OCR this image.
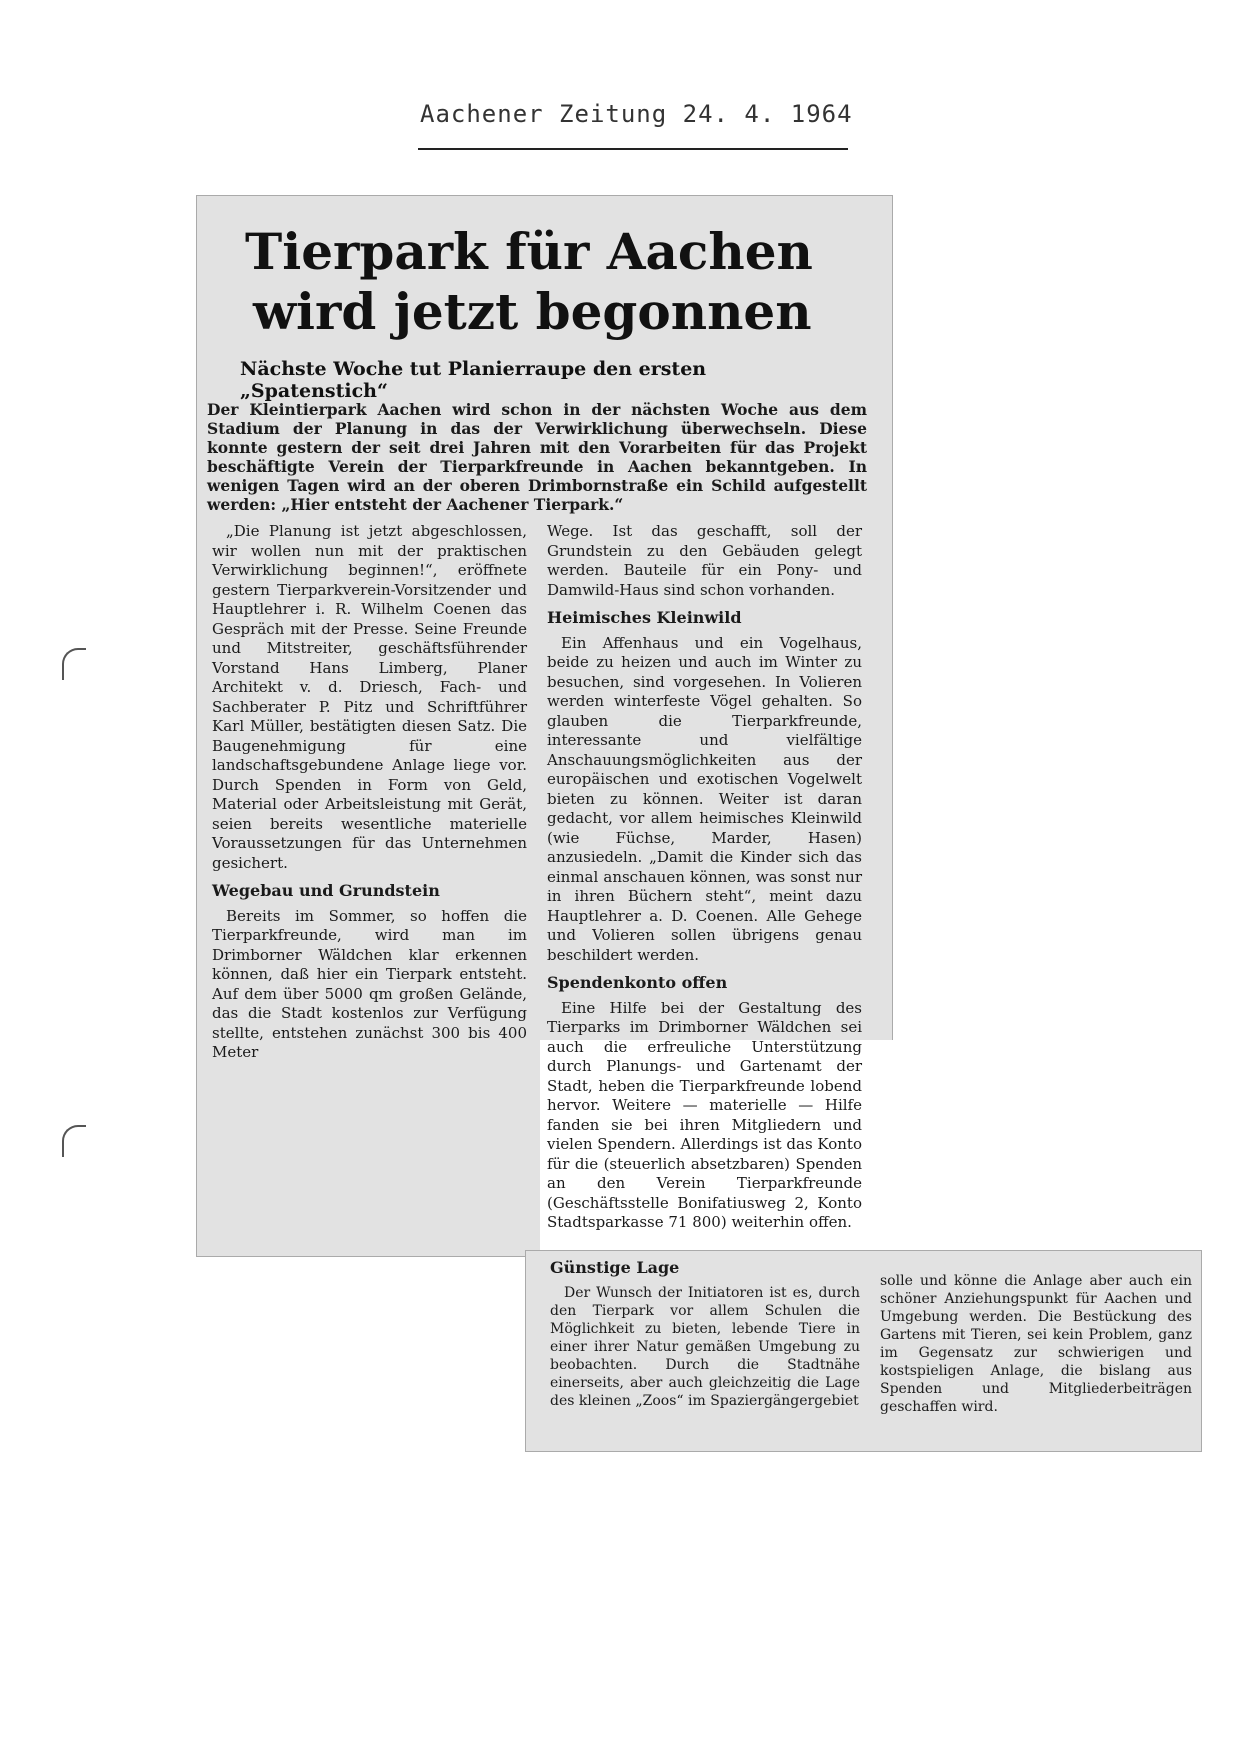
Aachener Zeitung 24. 4. 1964
Tierpark für Aachen
wird jetzt begonnen
Nächste Woche tut Planierraupe den ersten „Spatenstich“
Der Kleintierpark Aachen wird schon in der nächsten Woche aus dem Stadium der Planung in das der Verwirklichung überwechseln. Diese konnte gestern der seit drei Jahren mit den Vorarbeiten für das Projekt beschäftigte Verein der Tierparkfreunde in Aachen bekanntgeben. In wenigen Tagen wird an der oberen Drimbornstraße ein Schild aufgestellt werden: „Hier entsteht der Aachener Tierpark.“

„Die Planung ist jetzt abgeschlossen, wir wollen nun mit der praktischen Verwirklichung beginnen!“, eröffnete gestern Tierparkverein-Vorsitzender und Hauptlehrer i. R. Wilhelm Coenen das Gespräch mit der Presse. Seine Freunde und Mitstreiter, geschäftsführender Vorstand Hans Limberg, Planer Architekt v. d. Driesch, Fach- und Sachberater P. Pitz und Schriftführer Karl Müller, bestätigten diesen Satz. Die Baugenehmigung für eine landschaftsgebundene Anlage liege vor. Durch Spenden in Form von Geld, Material oder Arbeitsleistung mit Gerät, seien bereits wesentliche materielle Voraussetzungen für das Unternehmen gesichert.

Wegebau und Grundstein

Bereits im Sommer, so hoffen die Tierparkfreunde, wird man im Drimborner Wäldchen klar erkennen können, daß hier ein Tierpark entsteht. Auf dem über 5000 qm großen Gelände, das die Stadt kostenlos zur Verfügung stellte, entstehen zunächst 300 bis 400 Meter

Wege. Ist das geschafft, soll der Grundstein zu den Gebäuden gelegt werden. Bauteile für ein Pony- und Damwild-Haus sind schon vorhanden.

Heimisches Kleinwild

Ein Affenhaus und ein Vogelhaus, beide zu heizen und auch im Winter zu besuchen, sind vorgesehen. In Volieren werden winterfeste Vögel gehalten. So glauben die Tierparkfreunde, interessante und vielfältige Anschauungsmöglichkeiten aus der europäischen und exotischen Vogelwelt bieten zu können. Weiter ist daran gedacht, vor allem heimisches Kleinwild (wie Füchse, Marder, Hasen) anzusiedeln. „Damit die Kinder sich das einmal anschauen können, was sonst nur in ihren Büchern steht“, meint dazu Hauptlehrer a. D. Coenen. Alle Gehege und Volieren sollen übrigens genau beschildert werden.

Spendenkonto offen

Eine Hilfe bei der Gestaltung des Tierparks im Drimborner Wäldchen sei auch die erfreuliche Unterstützung durch Planungs- und Gartenamt der Stadt, heben die Tierparkfreunde lobend hervor. Weitere — materielle — Hilfe fanden sie bei ihren Mitgliedern und vielen Spendern. Allerdings ist das Konto für die (steuerlich absetzbaren) Spenden an den Verein Tierparkfreunde (Geschäftsstelle Bonifatiusweg 2, Konto Stadtsparkasse 71 800) weiterhin offen.

Günstige Lage

Der Wunsch der Initiatoren ist es, durch den Tierpark vor allem Schulen die Möglichkeit zu bieten, lebende Tiere in einer ihrer Natur gemäßen Umgebung zu beobachten. Durch die Stadtnähe einerseits, aber auch gleichzeitig die Lage des kleinen „Zoos“ im Spaziergängergebiet

solle und könne die Anlage aber auch ein schöner Anziehungspunkt für Aachen und Umgebung werden. Die Bestückung des Gartens mit Tieren, sei kein Problem, ganz im Gegensatz zur schwierigen und kostspieligen Anlage, die bislang aus Spenden und Mitgliederbeiträgen geschaffen wird.
